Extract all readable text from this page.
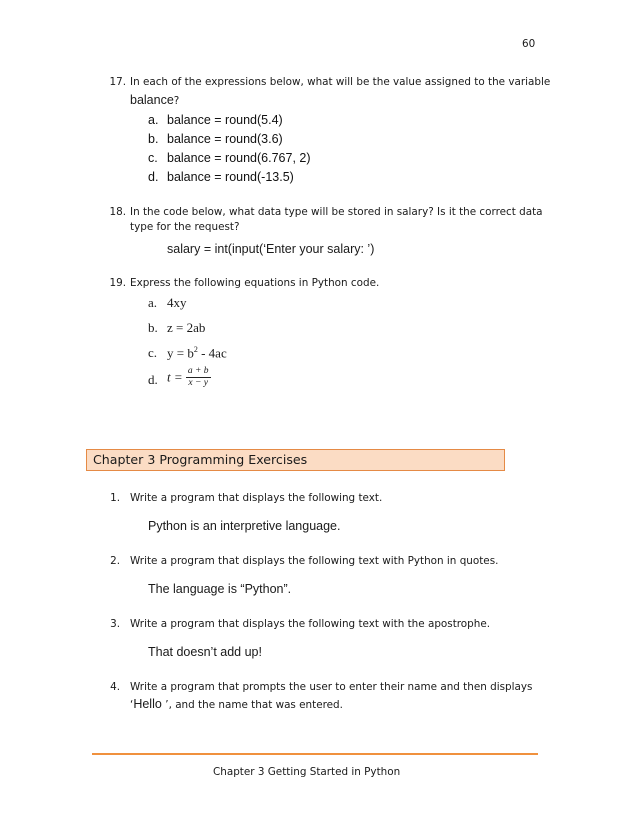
60
17. In each of the expressions below, what will be the value assigned to the variable
balance?
a. balance = round(5.4)
b. balance = round(3.6)
c. balance = round(6.767, 2)
d. balance = round(-13.5)
18. In the code below, what data type will be stored in salary? Is it the correct data
type for the request?
salary = int(input(‘Enter your salary: ’)
19. Express the following equations in Python code.
a. 4xy
b. z = 2ab
c. $y = b^2 - 4ac$
d. $t = \frac{a + b}{x - y}$
Chapter 3 Programming Exercises
1. Write a program that displays the following text.
Python is an interpretive language.
2. Write a program that displays the following text with Python in quotes.
The language is “Python”.
3. Write a program that displays the following text with the apostrophe.
That doesn’t add up!
4. Write a program that prompts the user to enter their name and then displays
‘Hello ’, and the name that was entered.
Chapter 3 Getting Started in Python
